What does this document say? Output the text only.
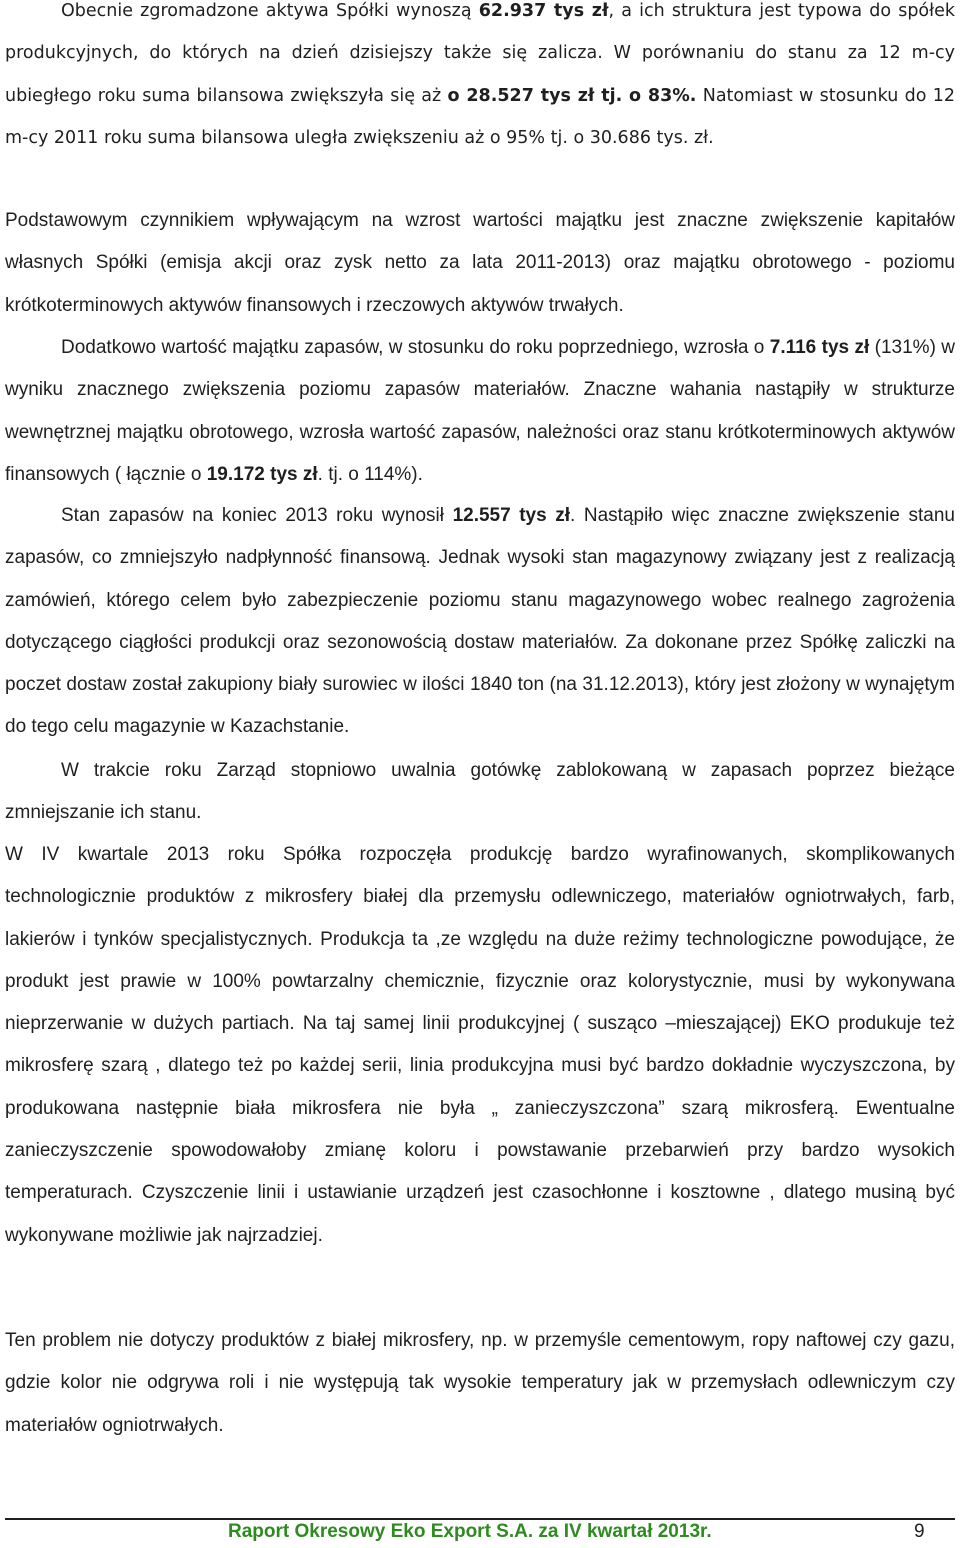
Obecnie zgromadzone aktywa Spółki wynoszą 62.937 tys zł, a ich struktura jest typowa do spółek produkcyjnych, do których na dzień dzisiejszy także się zalicza. W porównaniu do stanu za 12 m-cy ubiegłego roku suma bilansowa zwiększyła się aż o 28.527 tys zł tj. o 83%. Natomiast w stosunku do 12 m-cy 2011 roku suma bilansowa uległa zwiększeniu aż o 95% tj. o 30.686 tys. zł.

Podstawowym czynnikiem wpływającym na wzrost wartości majątku jest znaczne zwiększenie kapitałów własnych Spółki (emisja akcji oraz zysk netto za lata 2011-2013) oraz majątku obrotowego - poziomu krótkoterminowych aktywów finansowych i rzeczowych aktywów trwałych.

Dodatkowo wartość majątku zapasów, w stosunku do roku poprzedniego, wzrosła o 7.116 tys zł (131%) w wyniku znacznego zwiększenia poziomu zapasów materiałów. Znaczne wahania nastąpiły w strukturze wewnętrznej majątku obrotowego, wzrosła wartość zapasów, należności oraz stanu krótkoterminowych aktywów finansowych ( łącznie o 19.172 tys zł. tj. o 114%).

Stan zapasów na koniec 2013 roku wynosił 12.557 tys zł. Nastąpiło więc znaczne zwiększenie stanu zapasów, co zmniejszyło nadpłynność finansową. Jednak wysoki stan magazynowy związany jest z realizacją zamówień, którego celem było zabezpieczenie poziomu stanu magazynowego wobec realnego zagrożenia dotyczącego ciągłości produkcji oraz sezonowością dostaw materiałów. Za dokonane przez Spółkę zaliczki na poczet dostaw został zakupiony biały surowiec w ilości 1840 ton (na 31.12.2013), który jest złożony w wynajętym do tego celu magazynie w Kazachstanie.

W trakcie roku Zarząd stopniowo uwalnia gotówkę zablokowaną w zapasach poprzez bieżące zmniejszanie ich stanu.

W IV kwartale 2013 roku Spółka rozpoczęła produkcję bardzo wyrafinowanych, skomplikowanych technologicznie produktów z mikrosfery białej dla przemysłu odlewniczego, materiałów ogniotrwałych, farb, lakierów i tynków specjalistycznych. Produkcja ta ,ze względu na duże reżimy technologiczne powodujące, że produkt jest prawie w 100% powtarzalny chemicznie, fizycznie oraz kolorystycznie, musi by wykonywana nieprzerwanie w dużych partiach. Na taj samej linii produkcyjnej ( susząco –mieszającej) EKO produkuje też mikrosferę szarą , dlatego też po każdej serii, linia produkcyjna musi być bardzo dokładnie wyczyszczona, by produkowana następnie biała mikrosfera nie była „ zanieczyszczona” szarą mikrosferą. Ewentualne zanieczyszczenie spowodowałoby zmianę koloru i powstawanie przebarwień przy bardzo wysokich temperaturach. Czyszczenie linii i ustawianie urządzeń jest czasochłonne i kosztowne , dlatego musiną być wykonywane możliwie jak najrzadziej.

Ten problem nie dotyczy produktów z białej mikrosfery, np. w przemyśle cementowym, ropy naftowej czy gazu, gdzie kolor nie odgrywa roli i nie występują tak wysokie temperatury jak w przemysłach odlewniczym czy materiałów ogniotrwałych.

Raport Okresowy Eko Export S.A. za IV kwartał 2013r.	9
